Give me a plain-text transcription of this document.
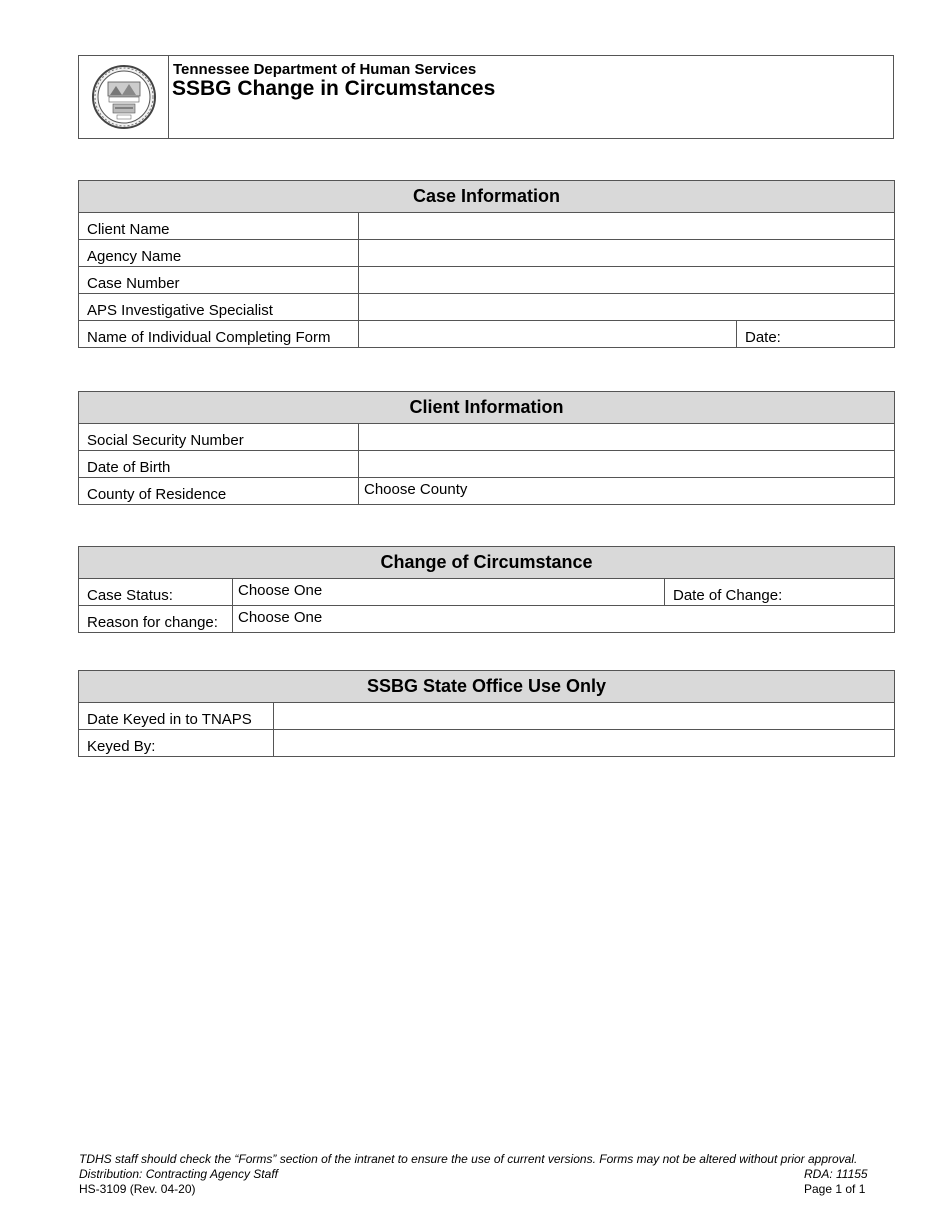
Tennessee Department of Human Services
SSBG Change in Circumstances
Case Information		
Client Name		
Agency Name		
Case Number		
APS Investigative Specialist		
Name of Individual Completing Form		Date:
Client Information	
Social Security Number	
Date of Birth	
County of Residence	Choose County
Change of Circumstance		
Case Status:	Choose One	Date of Change:
Reason for change:	Choose One	
SSBG State Office Use Only	
Date Keyed in to TNAPS	
Keyed By:	
TDHS staff should check the “Forms” section of the intranet to ensure the use of current versions. Forms may not be altered without prior approval.
Distribution: Contracting Agency Staff	RDA: 11155
HS-3109 (Rev. 04-20)	Page 1 of 1
